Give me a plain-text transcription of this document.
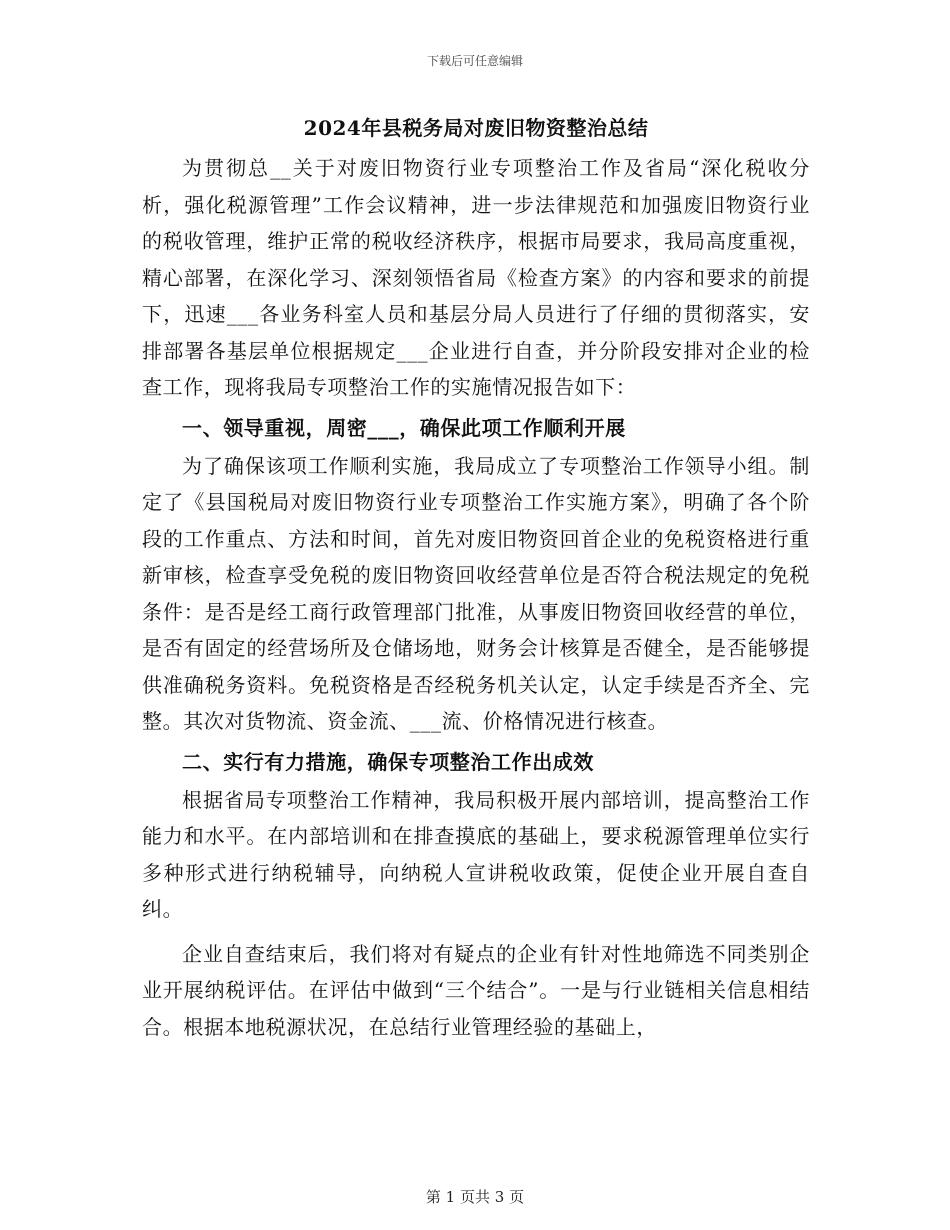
下载后可任意编辑
2024年县税务局对废旧物资整治总结

为贯彻总__关于对废旧物资行业专项整治工作及省局“深化税收分析，强化税源管理”工作会议精神，进一步法律规范和加强废旧物资行业的税收管理，维护正常的税收经济秩序，根据市局要求，我局高度重视，精心部署，在深化学习、深刻领悟省局《检查方案》的内容和要求的前提下，迅速___各业务科室人员和基层分局人员进行了仔细的贯彻落实，安排部署各基层单位根据规定___企业进行自查，并分阶段安排对企业的检查工作，现将我局专项整治工作的实施情况报告如下：

一、领导重视，周密___，确保此项工作顺利开展

为了确保该项工作顺利实施，我局成立了专项整治工作领导小组。制定了《县国税局对废旧物资行业专项整治工作实施方案》，明确了各个阶段的工作重点、方法和时间，首先对废旧物资回首企业的免税资格进行重新审核，检查享受免税的废旧物资回收经营单位是否符合税法规定的免税条件：是否是经工商行政管理部门批准，从事废旧物资回收经营的单位，是否有固定的经营场所及仓储场地，财务会计核算是否健全，是否能够提供准确税务资料。免税资格是否经税务机关认定，认定手续是否齐全、完整。其次对货物流、资金流、___流、价格情况进行核查。

二、实行有力措施，确保专项整治工作出成效

根据省局专项整治工作精神，我局积极开展内部培训，提高整治工作能力和水平。在内部培训和在排查摸底的基础上，要求税源管理单位实行多种形式进行纳税辅导，向纳税人宣讲税收政策，促使企业开展自查自纠。

企业自查结束后，我们将对有疑点的企业有针对性地筛选不同类别企业开展纳税评估。在评估中做到“三个结合”。一是与行业链相关信息相结合。根据本地税源状况，在总结行业管理经验的基础上，

第 1 页共 3 页
